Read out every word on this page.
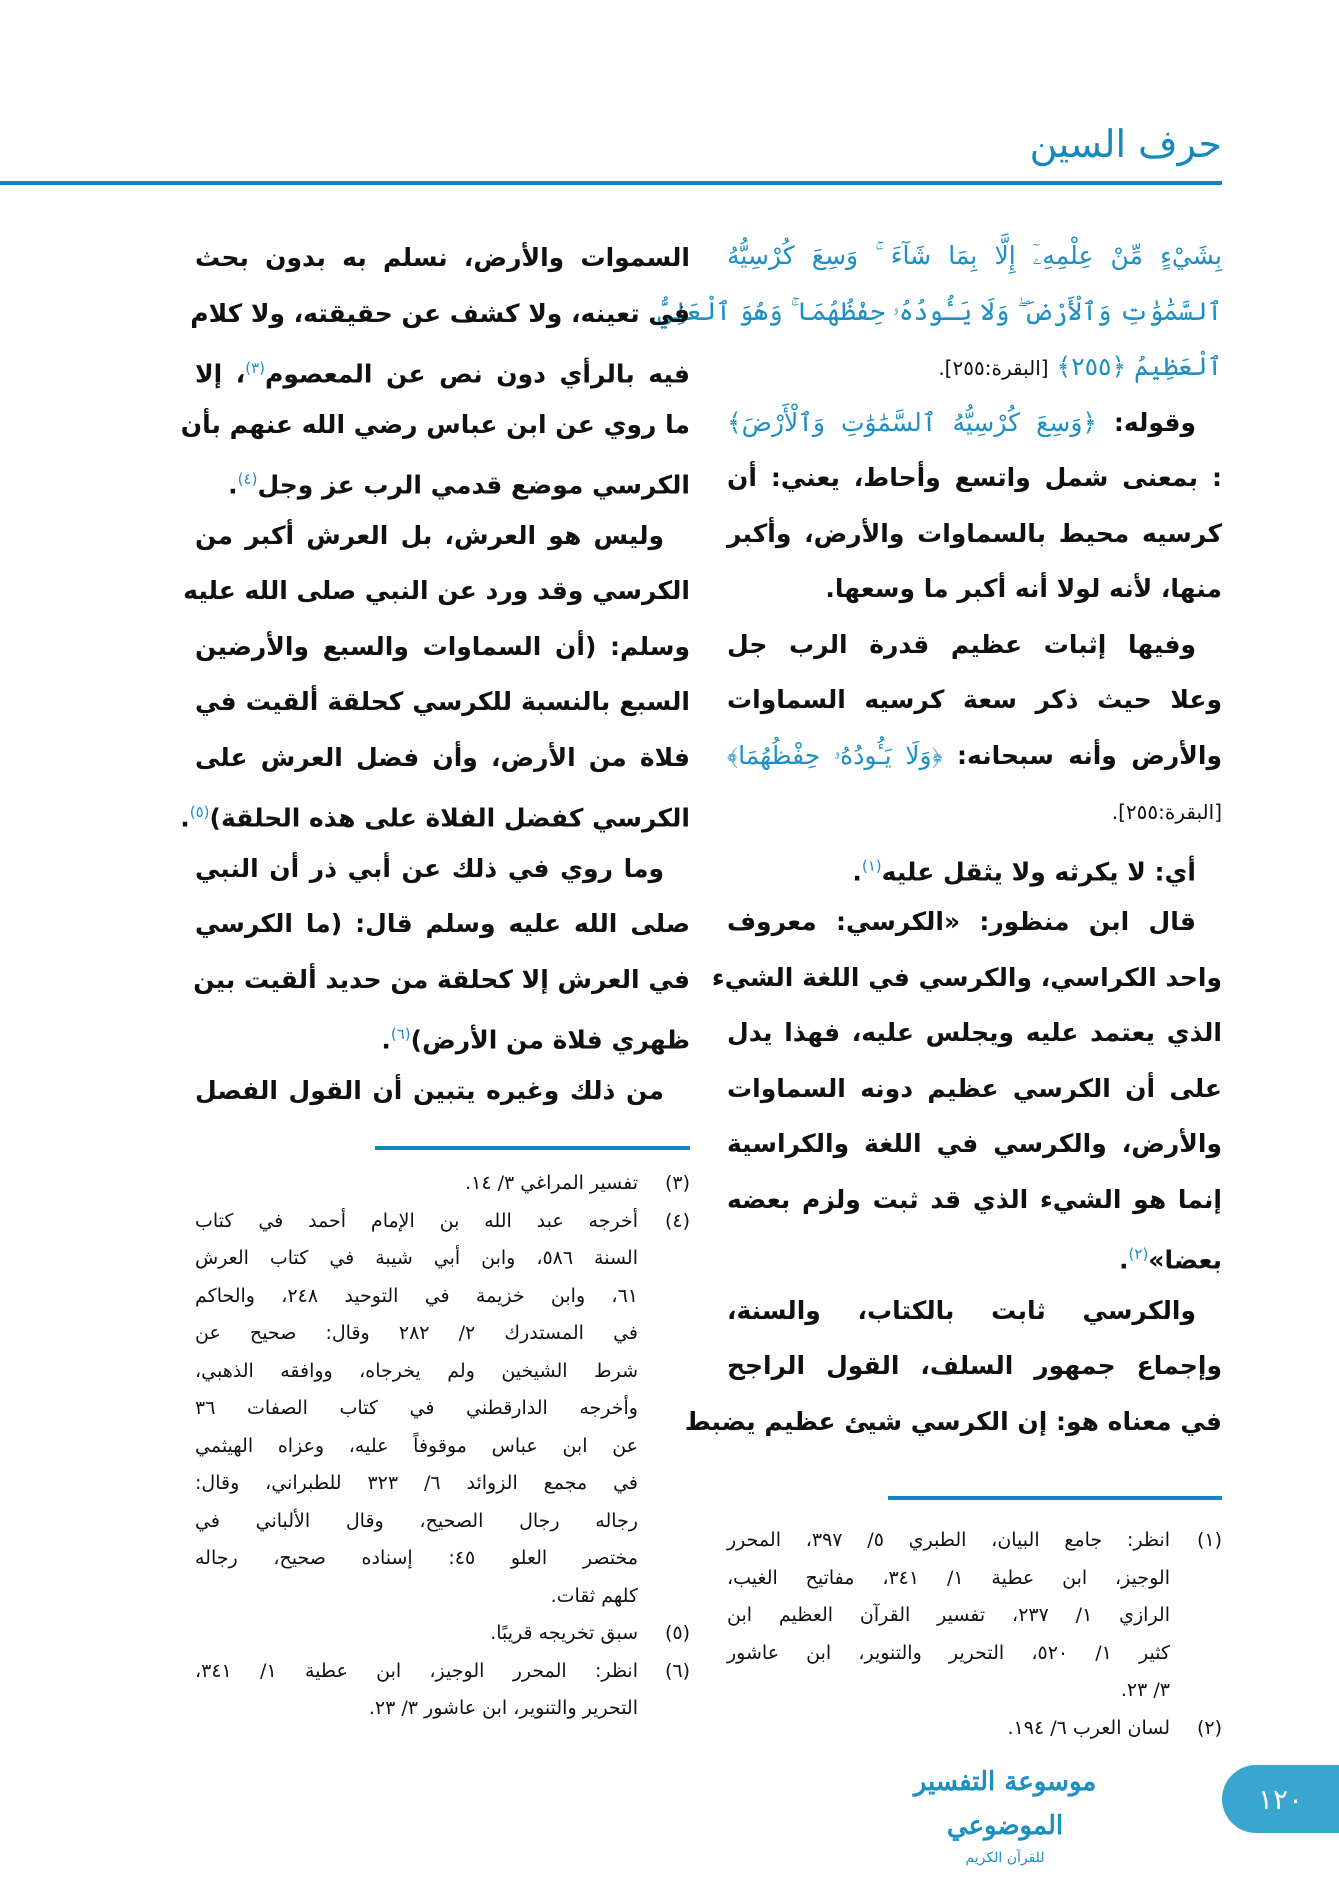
حرف السين
بِشَيْءٍ مِّنْ عِلْمِهِۦٓ إِلَّا بِمَا شَآءَ ۚ وَسِعَ كُرْسِيُّهُ
ٱلسَّمَٰوَٰتِ وَٱلْأَرْضَ ۖ وَلَا يَـُٔودُهُۥ حِفْظُهُمَا ۚ وَهُوَ ٱلْعَلِيُّ
ٱلْعَظِيمُ ﴿٢٥٥﴾ [البقرة:٢٥٥].
وقوله: ﴿وَسِعَ كُرْسِيُّهُ ٱلسَّمَٰوَٰتِ وَٱلْأَرْضَ﴾
: بمعنى شمل واتسع وأحاط، يعني: أن
كرسيه محيط بالسماوات والأرض، وأكبر
منها، لأنه لولا أنه أكبر ما وسعها.
وفيها إثبات عظيم قدرة الرب جل
وعلا حيث ذكر سعة كرسيه السماوات
والأرض وأنه سبحانه: ﴿وَلَا يَـُٔودُهُۥ حِفْظُهُمَا﴾
[البقرة:٢٥٥].
أي: لا يكرثه ولا يثقل عليه$^{(١)}$.
قال ابن منظور: «الكرسي: معروف
واحد الكراسي، والكرسي في اللغة الشيء
الذي يعتمد عليه ويجلس عليه، فهذا يدل
على أن الكرسي عظيم دونه السماوات
والأرض، والكرسي في اللغة والكراسية
إنما هو الشيء الذي قد ثبت ولزم بعضه
بعضا»$^{(٢)}$.
والكرسي ثابت بالكتاب، والسنة،
وإجماع جمهور السلف، القول الراجح
في معناه هو: إن الكرسي شيئ عظيم يضبط
(١)
انظر: جامع البيان، الطبري ٥/ ٣٩٧، المحرر
الوجيز، ابن عطية ١/ ٣٤١، مفاتيح الغيب،
الرازي ١/ ٢٣٧، تفسير القرآن العظيم ابن
كثير ١/ ٥٢٠، التحرير والتنوير، ابن عاشور
٣/ ٢٣.
(٢)
لسان العرب ٦/ ١٩٤.
السموات والأرض، نسلم به بدون بحث
فى تعينه، ولا كشف عن حقيقته، ولا كلام
فيه بالرأي دون نص عن المعصوم$^{(٣)}$، إلا
ما روي عن ابن عباس رضي الله عنهم بأن
الكرسي موضع قدمي الرب عز وجل$^{(٤)}$.
وليس هو العرش، بل العرش أكبر من
الكرسي وقد ورد عن النبي صلى الله عليه
وسلم: (أن السماوات والسبع والأرضين
السبع بالنسبة للكرسي كحلقة ألقيت في
فلاة من الأرض، وأن فضل العرش على
الكرسي كفضل الفلاة على هذه الحلقة)$^{(٥)}$.
وما روي في ذلك عن أبي ذر أن النبي
صلى الله عليه وسلم قال: (ما الكرسي
في العرش إلا كحلقة من حديد ألقيت بين
ظهري فلاة من الأرض)$^{(٦)}$.
من ذلك وغيره يتبين أن القول الفصل
(٣)
تفسير المراغي ٣/ ١٤.
(٤)
أخرجه عبد الله بن الإمام أحمد في كتاب
السنة ٥٨٦، وابن أبي شيبة في كتاب العرش
٦١، وابن خزيمة في التوحيد ٢٤٨، والحاكم
في المستدرك ٢/ ٢٨٢ وقال: صحيح عن
شرط الشيخين ولم يخرجاه، ووافقه الذهبي،
وأخرجه الدارقطني في كتاب الصفات ٣٦
عن ابن عباس موقوفاً عليه، وعزاه الهيثمي
في مجمع الزوائد ٦/ ٣٢٣ للطبراني، وقال:
رجاله رجال الصحيح، وقال الألباني في
مختصر العلو ٤٥: إسناده صحيح، رجاله
كلهم ثقات.
(٥)
سبق تخريجه قريبًا.
(٦)
انظر: المحرر الوجيز، ابن عطية ١/ ٣٤١،
التحرير والتنوير، ابن عاشور ٣/ ٢٣.
موسوعة التفسير الموضوعي
للقرآن الكريم
١٢٠
